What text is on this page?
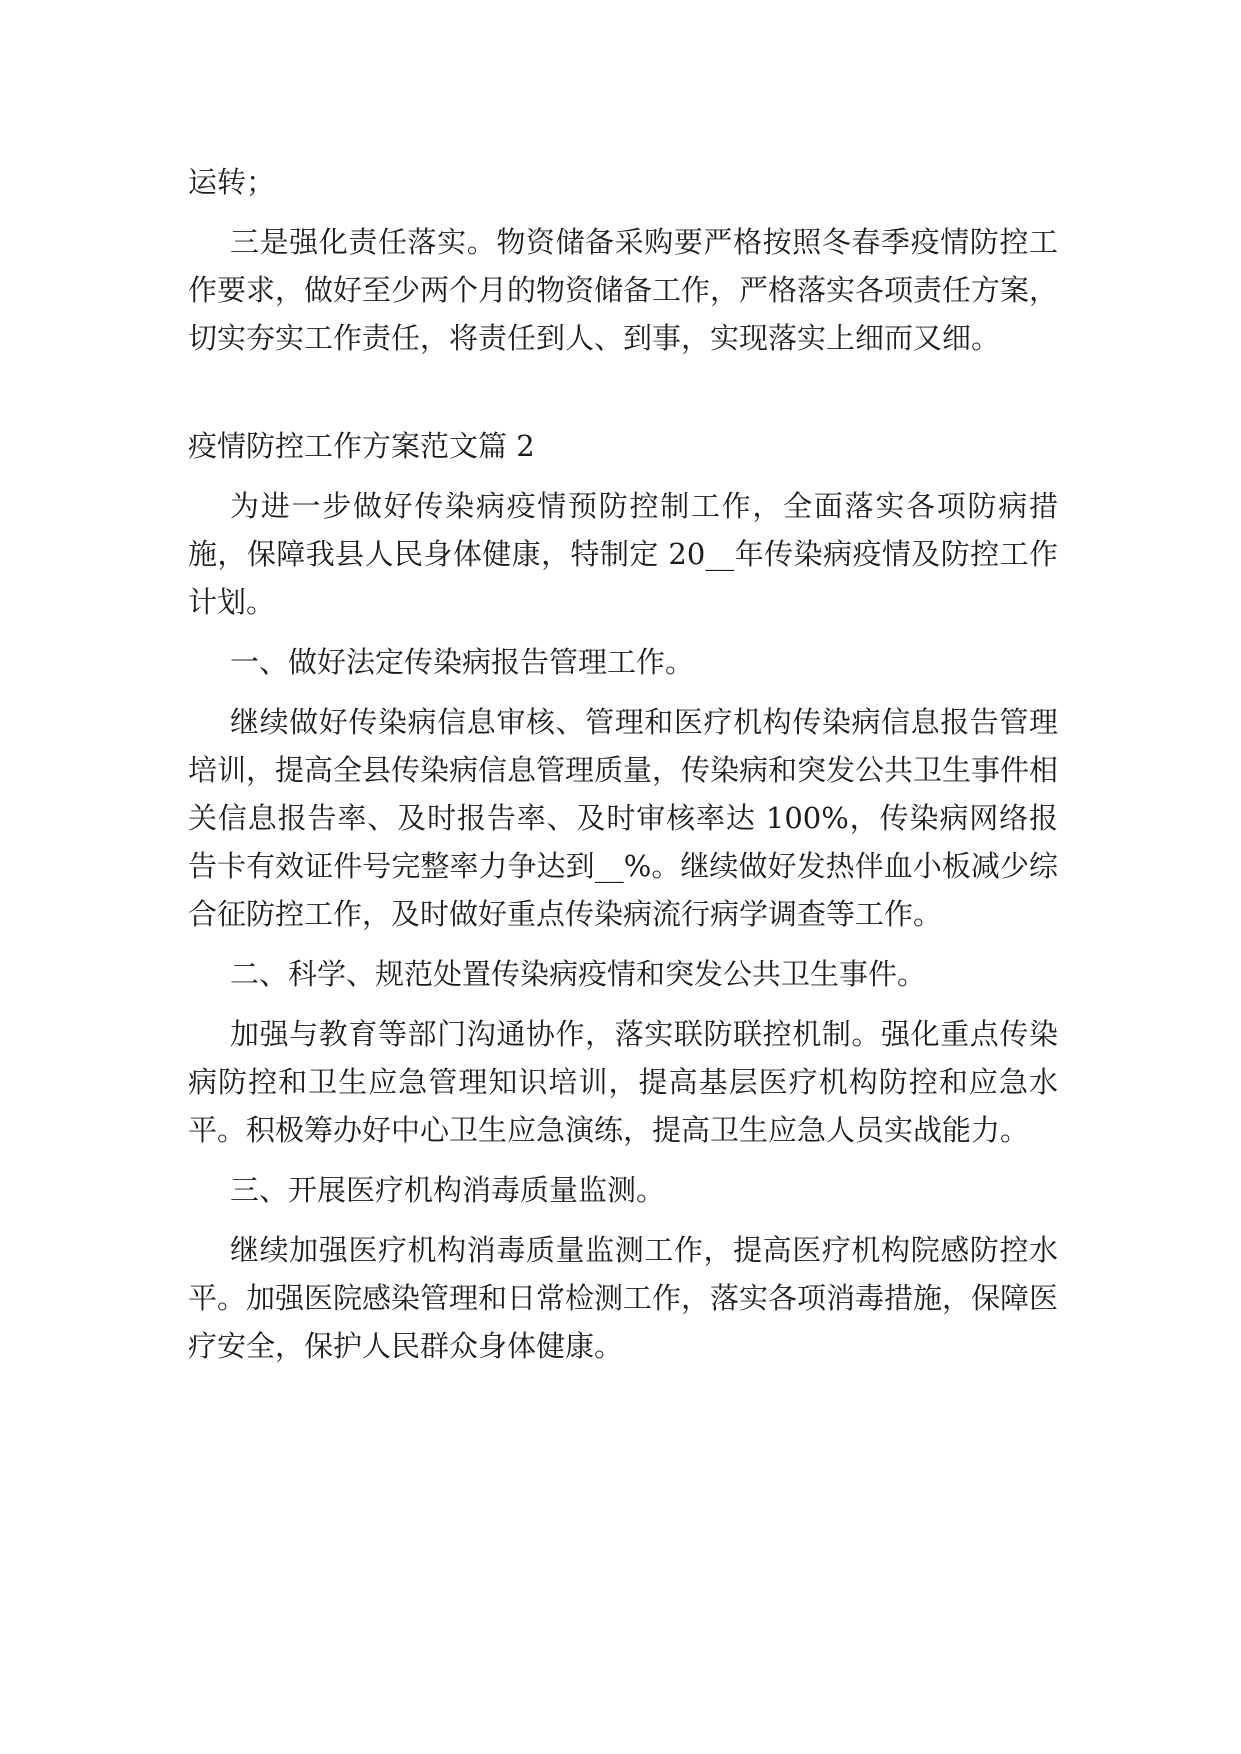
运转；

三是强化责任落实。物资储备采购要严格按照冬春季疫情防控工作要求，做好至少两个月的物资储备工作，严格落实各项责任方案，切实夯实工作责任，将责任到人、到事，实现落实上细而又细。

疫情防控工作方案范文篇 2

为进一步做好传染病疫情预防控制工作，全面落实各项防病措施，保障我县人民身体健康，特制定 20__年传染病疫情及防控工作计划。

一、做好法定传染病报告管理工作。

继续做好传染病信息审核、管理和医疗机构传染病信息报告管理培训，提高全县传染病信息管理质量，传染病和突发公共卫生事件相关信息报告率、及时报告率、及时审核率达 100%，传染病网络报告卡有效证件号完整率力争达到__%。继续做好发热伴血小板减少综合征防控工作，及时做好重点传染病流行病学调查等工作。

二、科学、规范处置传染病疫情和突发公共卫生事件。

加强与教育等部门沟通协作，落实联防联控机制。强化重点传染病防控和卫生应急管理知识培训，提高基层医疗机构防控和应急水平。积极筹办好中心卫生应急演练，提高卫生应急人员实战能力。

三、开展医疗机构消毒质量监测。

继续加强医疗机构消毒质量监测工作，提高医疗机构院感防控水平。加强医院感染管理和日常检测工作，落实各项消毒措施，保障医疗安全，保护人民群众身体健康。
